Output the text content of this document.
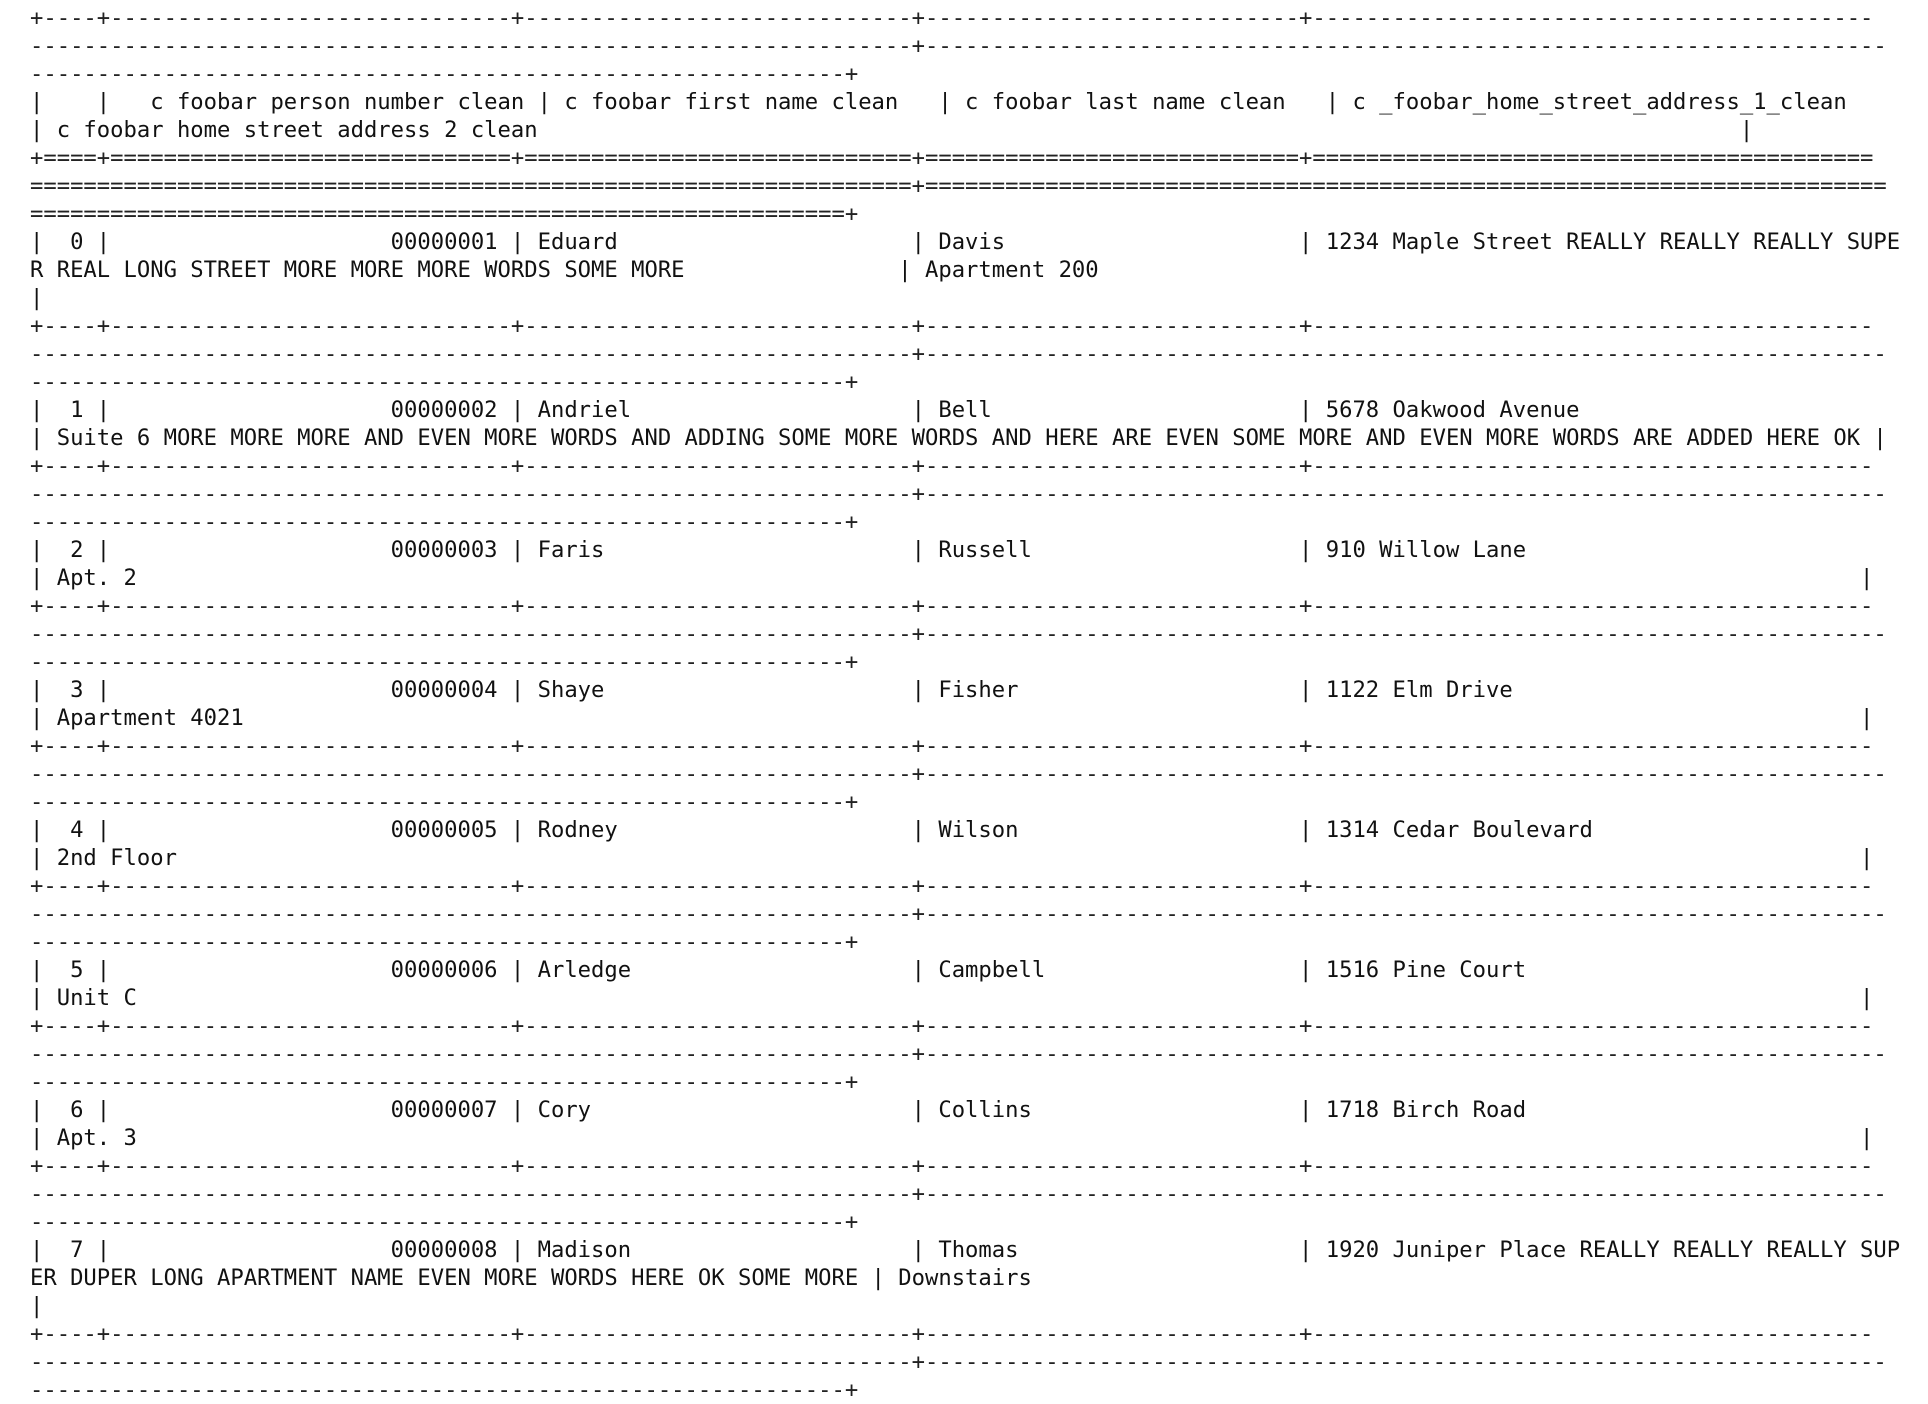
+----+------------------------------+-----------------------------+----------------------------+------------------------------------------
------------------------------------------------------------------+------------------------------------------------------------------------
-------------------------------------------------------------+
|    |   c foobar person number clean | c foobar first name clean   | c foobar last name clean   | c _foobar_home_street_address_1_clean
| c foobar home street address 2 clean                                                                                          |
+====+==============================+=============================+============================+==========================================
==================================================================+========================================================================
=============================================================+
|  0 |                     00000001 | Eduard                      | Davis                      | 1234 Maple Street REALLY REALLY REALLY SUPE
R REAL LONG STREET MORE MORE MORE WORDS SOME MORE                | Apartment 200
|
+----+------------------------------+-----------------------------+----------------------------+------------------------------------------
------------------------------------------------------------------+------------------------------------------------------------------------
-------------------------------------------------------------+
|  1 |                     00000002 | Andriel                     | Bell                       | 5678 Oakwood Avenue
| Suite 6 MORE MORE MORE AND EVEN MORE WORDS AND ADDING SOME MORE WORDS AND HERE ARE EVEN SOME MORE AND EVEN MORE WORDS ARE ADDED HERE OK |
+----+------------------------------+-----------------------------+----------------------------+------------------------------------------
------------------------------------------------------------------+------------------------------------------------------------------------
-------------------------------------------------------------+
|  2 |                     00000003 | Faris                       | Russell                    | 910 Willow Lane
| Apt. 2                                                                                                                                 |
+----+------------------------------+-----------------------------+----------------------------+------------------------------------------
------------------------------------------------------------------+------------------------------------------------------------------------
-------------------------------------------------------------+
|  3 |                     00000004 | Shaye                       | Fisher                     | 1122 Elm Drive
| Apartment 4021                                                                                                                         |
+----+------------------------------+-----------------------------+----------------------------+------------------------------------------
------------------------------------------------------------------+------------------------------------------------------------------------
-------------------------------------------------------------+
|  4 |                     00000005 | Rodney                      | Wilson                     | 1314 Cedar Boulevard
| 2nd Floor                                                                                                                              |
+----+------------------------------+-----------------------------+----------------------------+------------------------------------------
------------------------------------------------------------------+------------------------------------------------------------------------
-------------------------------------------------------------+
|  5 |                     00000006 | Arledge                     | Campbell                   | 1516 Pine Court
| Unit C                                                                                                                                 |
+----+------------------------------+-----------------------------+----------------------------+------------------------------------------
------------------------------------------------------------------+------------------------------------------------------------------------
-------------------------------------------------------------+
|  6 |                     00000007 | Cory                        | Collins                    | 1718 Birch Road
| Apt. 3                                                                                                                                 |
+----+------------------------------+-----------------------------+----------------------------+------------------------------------------
------------------------------------------------------------------+------------------------------------------------------------------------
-------------------------------------------------------------+
|  7 |                     00000008 | Madison                     | Thomas                     | 1920 Juniper Place REALLY REALLY REALLY SUP
ER DUPER LONG APARTMENT NAME EVEN MORE WORDS HERE OK SOME MORE | Downstairs
|
+----+------------------------------+-----------------------------+----------------------------+------------------------------------------
------------------------------------------------------------------+------------------------------------------------------------------------
-------------------------------------------------------------+
